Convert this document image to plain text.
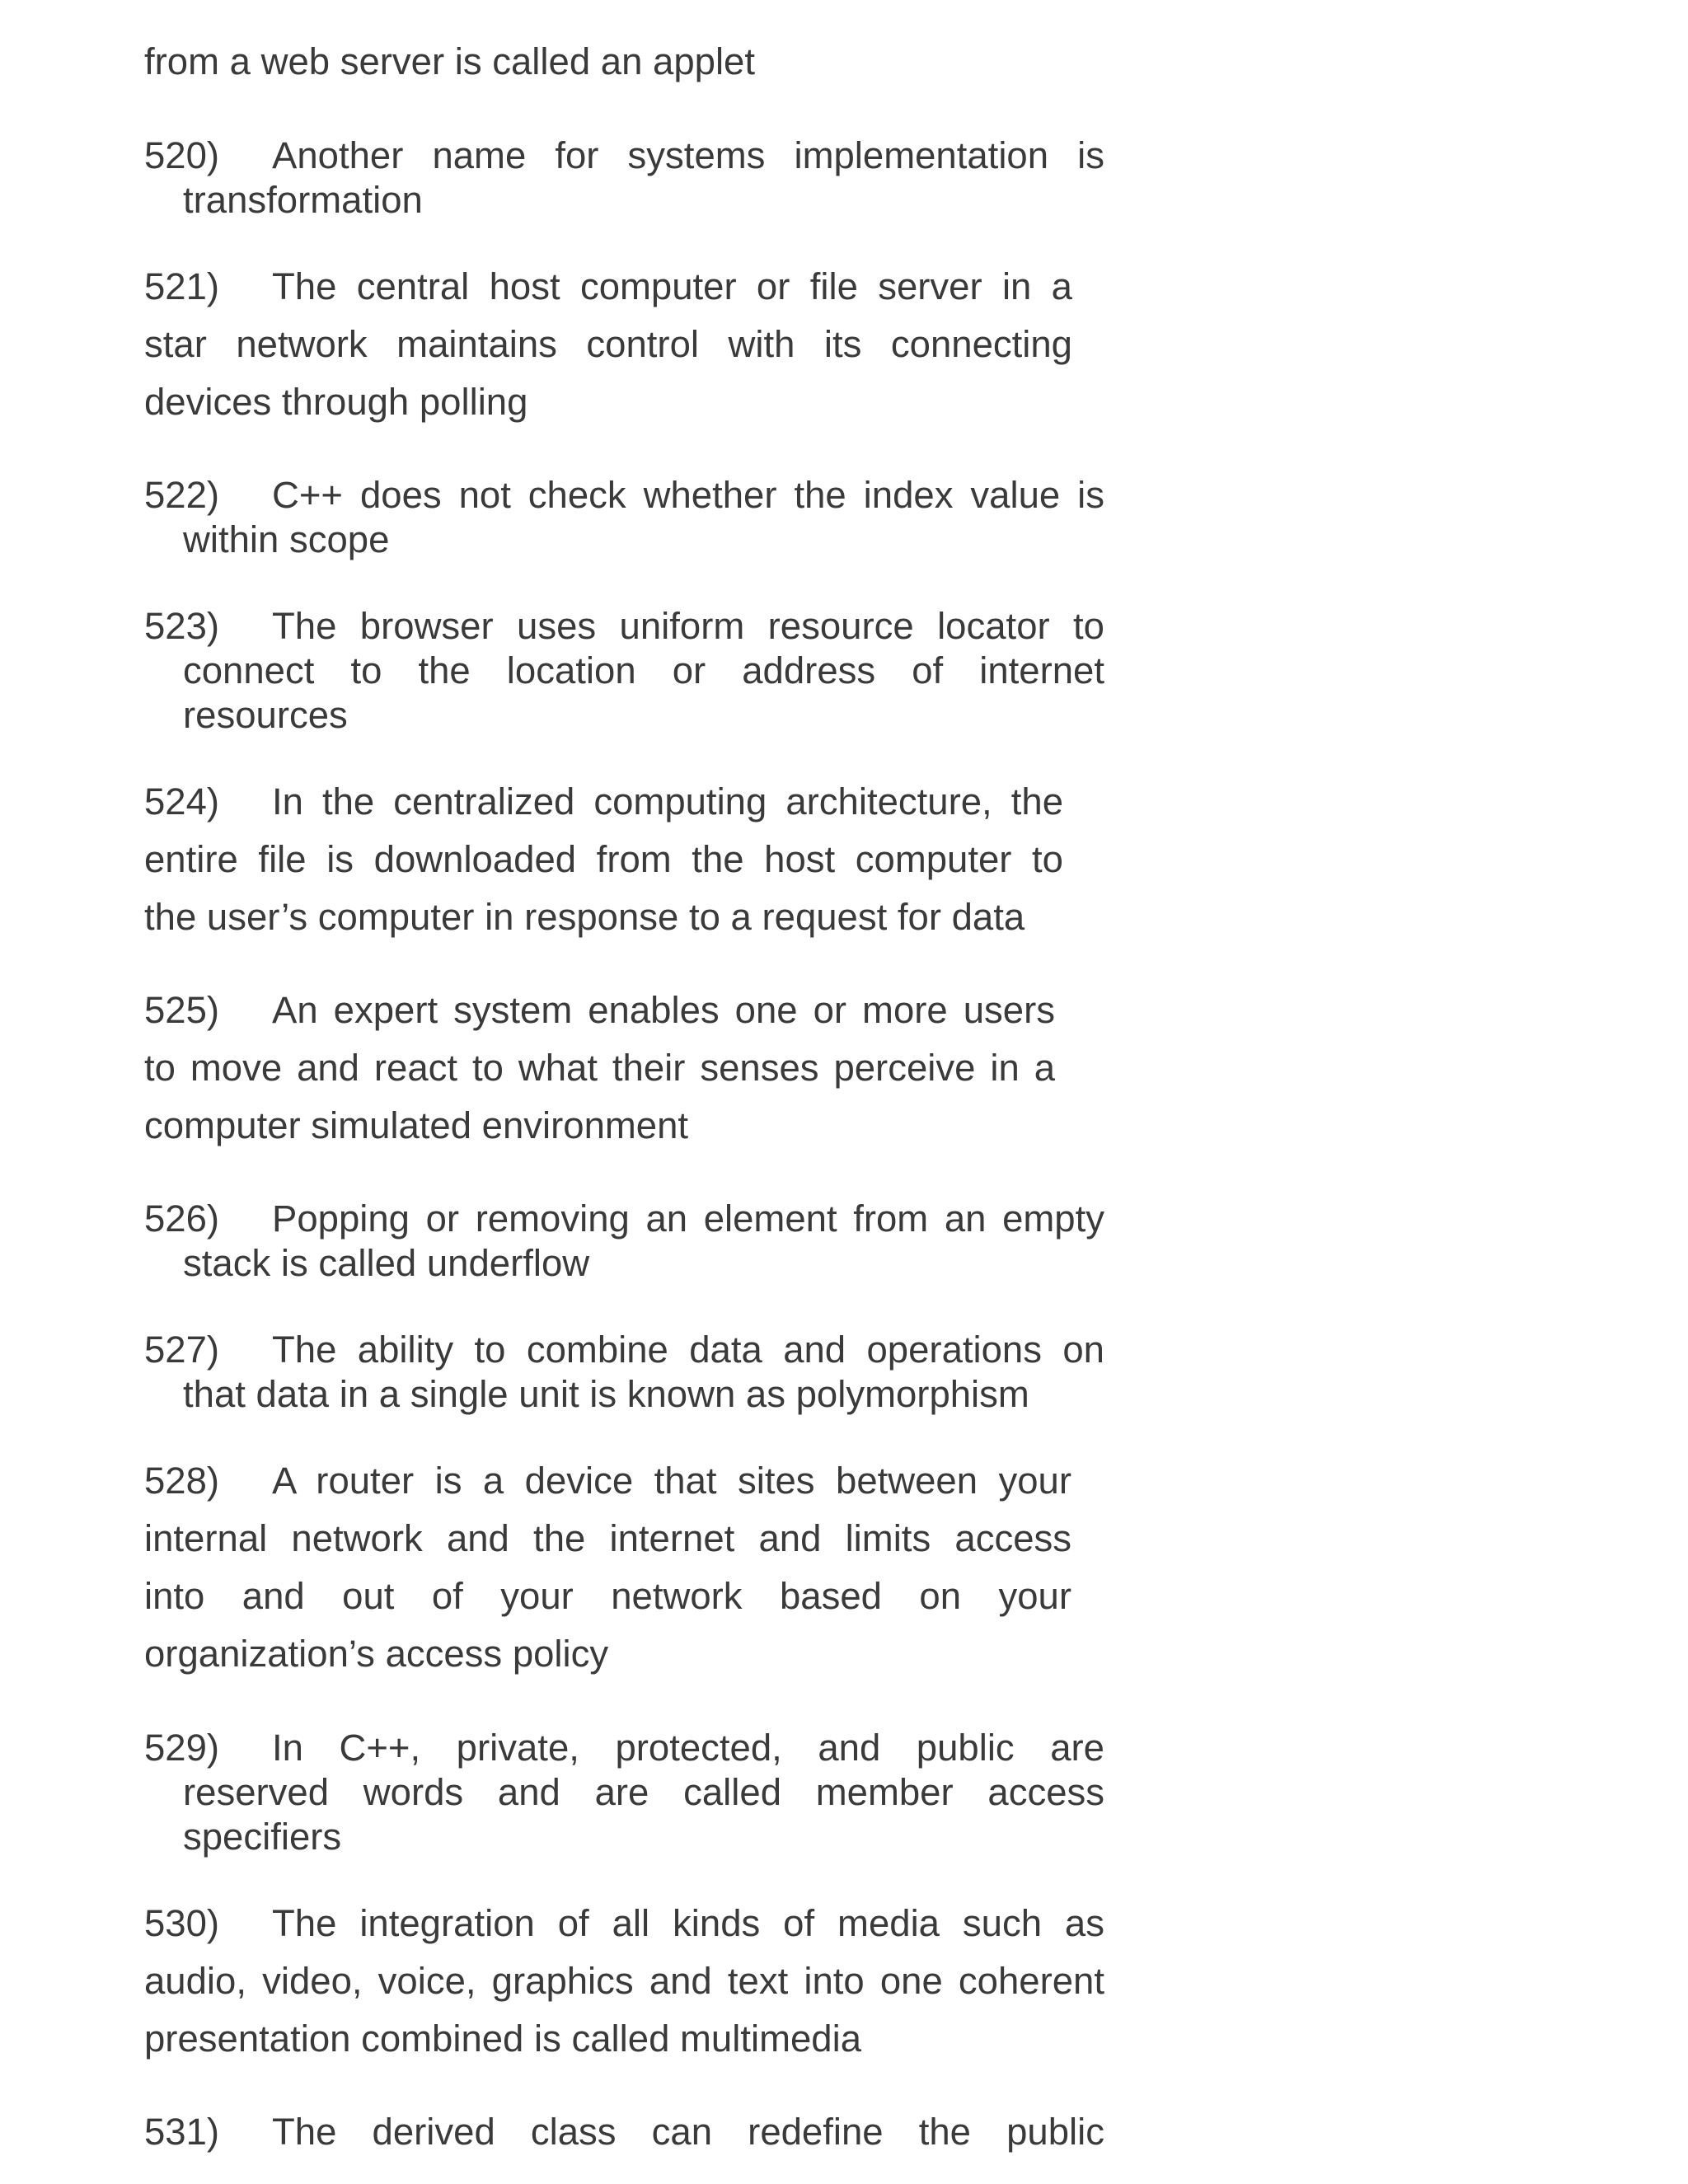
from a web server is called an applet
520) Another name for systems implementation is
transformation
521) The central host computer or file server in a
star network maintains control with its connecting
devices through polling
522) C++ does not check whether the index value is
within scope
523) The browser uses uniform resource locator to
connect to the location or address of internet
resources
524) In the centralized computing architecture, the
entire file is downloaded from the host computer to
the user’s computer in response to a request for data
525) An expert system enables one or more users
to move and react to what their senses perceive in a
computer simulated environment
526) Popping or removing an element from an empty
stack is called underflow
527) The ability to combine data and operations on
that data in a single unit is known as polymorphism
528) A router is a device that sites between your
internal network and the internet and limits access
into and out of your network based on your
organization’s access policy
529) In C++, private, protected, and public are
reserved words and are called member access
specifiers
530) The integration of all kinds of media such as
audio, video, voice, graphics and text into one coherent
presentation combined is called multimedia
531) The derived class can redefine the public
